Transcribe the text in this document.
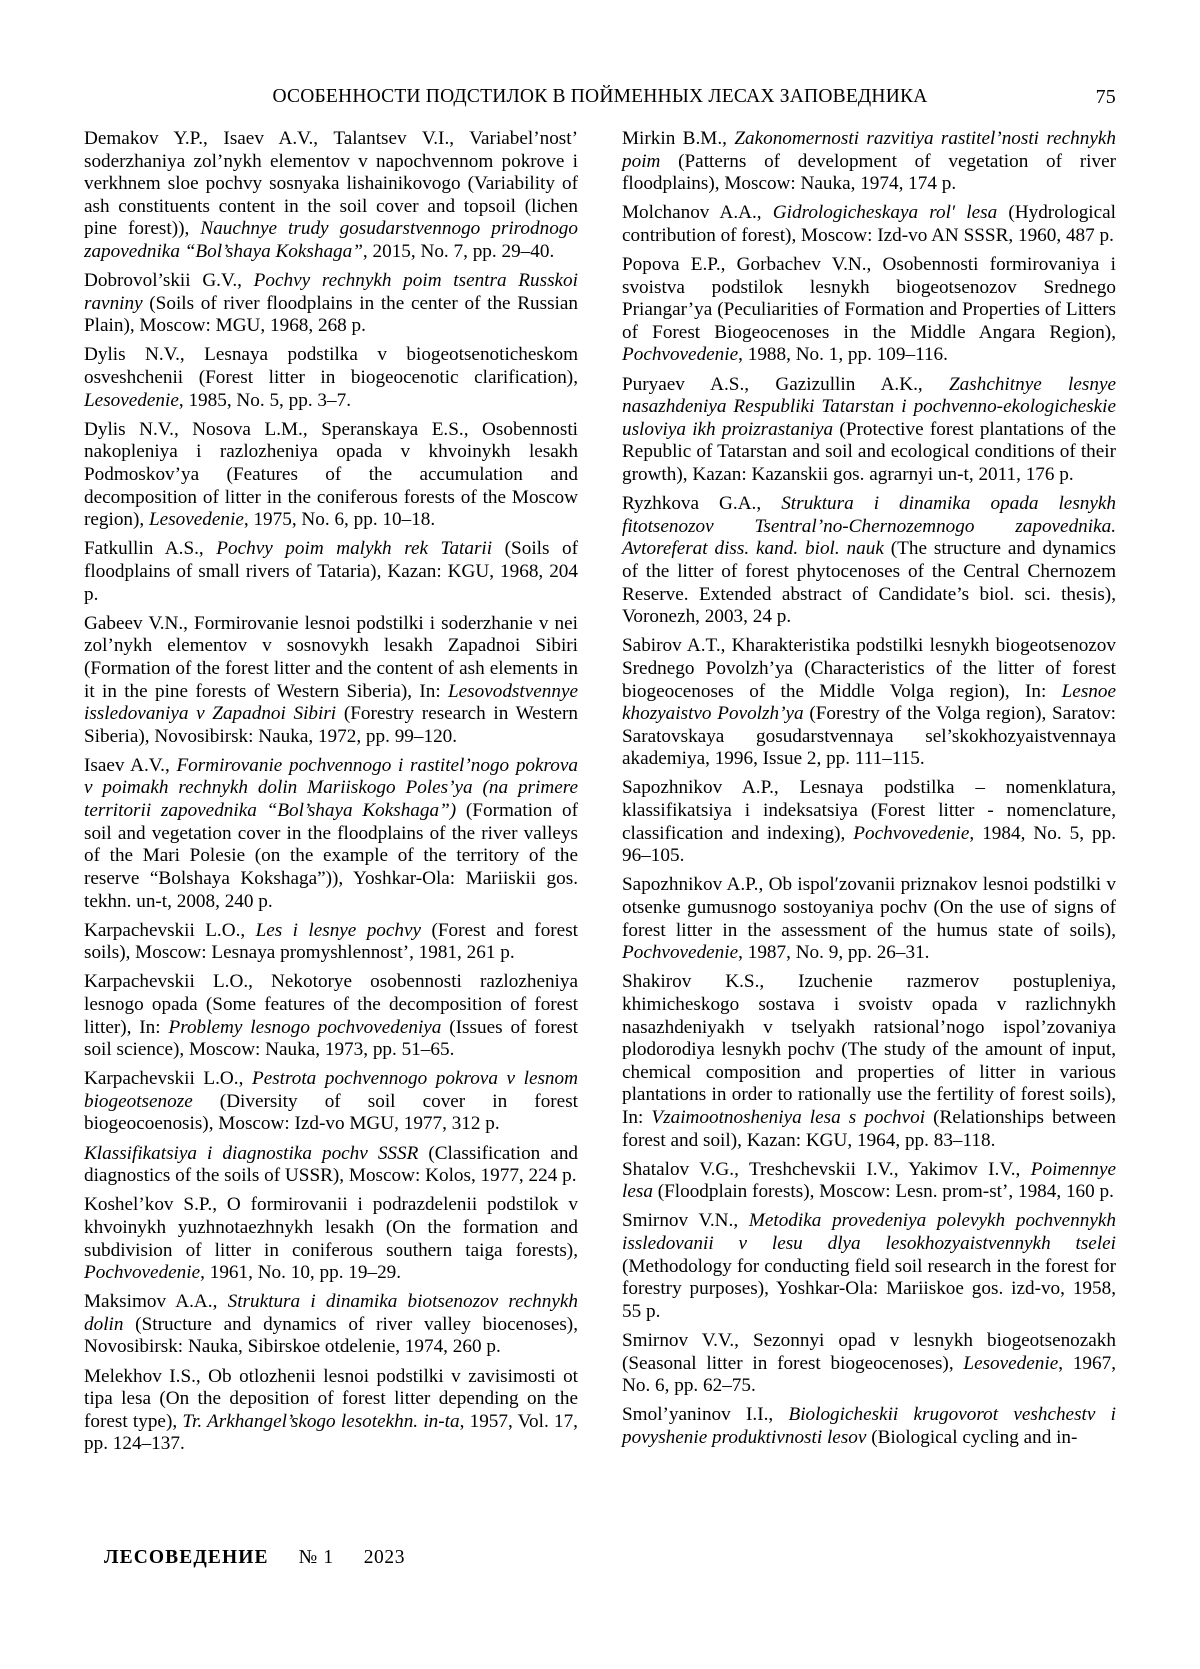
ОСОБЕННОСТИ ПОДСТИЛОК В ПОЙМЕННЫХ ЛЕСАХ ЗАПОВЕДНИКА	75

Demakov Y.P., Isaev A.V., Talantsev V.I., Variabel’nost’ soderzhaniya zol’nykh elementov v napochvennom pokrove i verkhnem sloe pochvy sosnyaka lishainikovogo (Variability of ash constituents content in the soil cover and topsoil (lichen pine forest)), Nauchnye trudy gosudarstvennogo prirodnogo zapovednika “Bol’shaya Kokshaga”, 2015, No. 7, pp. 29–40.

Dobrovol’skii G.V., Pochvy rechnykh poim tsentra Russkoi ravniny (Soils of river floodplains in the center of the Russian Plain), Moscow: MGU, 1968, 268 p.

Dylis N.V., Lesnaya podstilka v biogeotsenoticheskom osveshchenii (Forest litter in biogeocenotic clarification), Lesovedenie, 1985, No. 5, pp. 3–7.

Dylis N.V., Nosova L.M., Speranskaya E.S., Osobennosti nakopleniya i razlozheniya opada v khvoinykh lesakh Podmoskov’ya (Features of the accumulation and decomposition of litter in the coniferous forests of the Moscow region), Lesovedenie, 1975, No. 6, pp. 10–18.

Fatkullin A.S., Pochvy poim malykh rek Tatarii (Soils of floodplains of small rivers of Tataria), Kazan: KGU, 1968, 204 p.

Gabeev V.N., Formirovanie lesnoi podstilki i soderzhanie v nei zol’nykh elementov v sosnovykh lesakh Zapadnoi Sibiri (Formation of the forest litter and the content of ash elements in it in the pine forests of Western Siberia), In: Lesovodstvennye issledovaniya v Zapadnoi Sibiri (Forestry research in Western Siberia), Novosibirsk: Nauka, 1972, pp. 99–120.

Isaev A.V., Formirovanie pochvennogo i rastitel’nogo pokrova v poimakh rechnykh dolin Mariiskogo Poles’ya (na primere territorii zapovednika “Bol’shaya Kokshaga”) (Formation of soil and vegetation cover in the floodplains of the river valleys of the Mari Polesie (on the example of the territory of the reserve “Bolshaya Kokshaga”)), Yoshkar-Ola: Mariiskii gos. tekhn. un-t, 2008, 240 p.

Karpachevskii L.O., Les i lesnye pochvy (Forest and forest soils), Moscow: Lesnaya promyshlennost’, 1981, 261 p.

Karpachevskii L.O., Nekotorye osobennosti razlozheniya lesnogo opada (Some features of the decomposition of forest litter), In: Problemy lesnogo pochvovedeniya (Issues of forest soil science), Moscow: Nauka, 1973, pp. 51–65.

Karpachevskii L.O., Pestrota pochvennogo pokrova v lesnom biogeotsenoze (Diversity of soil cover in forest biogeocoenosis), Moscow: Izd-vo MGU, 1977, 312 p.

Klassifikatsiya i diagnostika pochv SSSR (Classification and diagnostics of the soils of USSR), Moscow: Kolos, 1977, 224 p.

Koshel’kov S.P., O formirovanii i podrazdelenii podstilok v khvoinykh yuzhnotaezhnykh lesakh (On the formation and subdivision of litter in coniferous southern taiga forests), Pochvovedenie, 1961, No. 10, pp. 19–29.

Maksimov A.A., Struktura i dinamika biotsenozov rechnykh dolin (Structure and dynamics of river valley biocenoses), Novosibirsk: Nauka, Sibirskoe otdelenie, 1974, 260 p.

Melekhov I.S., Ob otlozhenii lesnoi podstilki v zavisimosti ot tipa lesa (On the deposition of forest litter depending on the forest type), Tr. Arkhangel’skogo lesotekhn. in-ta, 1957, Vol. 17, pp. 124–137.

Mirkin B.M., Zakonomernosti razvitiya rastitel’nosti rechnykh poim (Patterns of development of vegetation of river floodplains), Moscow: Nauka, 1974, 174 p.

Molchanov A.A., Gidrologicheskaya rol′ lesa (Hydrological contribution of forest), Moscow: Izd-vo AN SSSR, 1960, 487 p.

Popova E.P., Gorbachev V.N., Osobennosti formirovaniya i svoistva podstilok lesnykh biogeotsenozov Srednego Priangar’ya (Peculiarities of Formation and Properties of Litters of Forest Biogeocenoses in the Middle Angara Region), Pochvovedenie, 1988, No. 1, pp. 109–116.

Puryaev A.S., Gazizullin A.K., Zashchitnye lesnye nasazhdeniya Respubliki Tatarstan i pochvenno-ekologicheskie usloviya ikh proizrastaniya (Protective forest plantations of the Republic of Tatarstan and soil and ecological conditions of their growth), Kazan: Kazanskii gos. agrarnyi un-t, 2011, 176 p.

Ryzhkova G.A., Struktura i dinamika opada lesnykh fitotsenozov Tsentral’no-Chernozemnogo zapovednika. Avtoreferat diss. kand. biol. nauk (The structure and dynamics of the litter of forest phytocenoses of the Central Chernozem Reserve. Extended abstract of Candidate’s biol. sci. thesis), Voronezh, 2003, 24 p.

Sabirov A.T., Kharakteristika podstilki lesnykh biogeotsenozov Srednego Povolzh’ya (Characteristics of the litter of forest biogeocenoses of the Middle Volga region), In: Lesnoe khozyaistvo Povolzh’ya (Forestry of the Volga region), Saratov: Saratovskaya gosudarstvennaya sel’skokhozyaistvennaya akademiya, 1996, Issue 2, pp. 111–115.

Sapozhnikov A.P., Lesnaya podstilka – nomenklatura, klassifikatsiya i indeksatsiya (Forest litter - nomenclature, classification and indexing), Pochvovedenie, 1984, No. 5, pp. 96–105.

Sapozhnikov A.P., Ob ispol′zovanii priznakov lesnoi podstilki v otsenke gumusnogo sostoyaniya pochv (On the use of signs of forest litter in the assessment of the humus state of soils), Pochvovedenie, 1987, No. 9, pp. 26–31.

Shakirov K.S., Izuchenie razmerov postupleniya, khimicheskogo sostava i svoistv opada v razlichnykh nasazhdeniyakh v tselyakh ratsional’nogo ispol’zovaniya plodorodiya lesnykh pochv (The study of the amount of input, chemical composition and properties of litter in various plantations in order to rationally use the fertility of forest soils), In: Vzaimootnosheniya lesa s pochvoi (Relationships between forest and soil), Kazan: KGU, 1964, pp. 83–118.

Shatalov V.G., Treshchevskii I.V., Yakimov I.V., Poimennye lesa (Floodplain forests), Moscow: Lesn. prom-st’, 1984, 160 p.

Smirnov V.N., Metodika provedeniya polevykh pochvennykh issledovanii v lesu dlya lesokhozyaistvennykh tselei (Methodology for conducting field soil research in the forest for forestry purposes), Yoshkar-Ola: Mariiskoe gos. izd-vo, 1958, 55 p.

Smirnov V.V., Sezonnyi opad v lesnykh biogeotsenozakh (Seasonal litter in forest biogeocenoses), Lesovedenie, 1967, No. 6, pp. 62–75.

Smol’yaninov I.I., Biologicheskii krugovorot veshchestv i povyshenie produktivnosti lesov (Biological cycling and in-

ЛЕСОВЕДЕНИЕ № 1 2023
